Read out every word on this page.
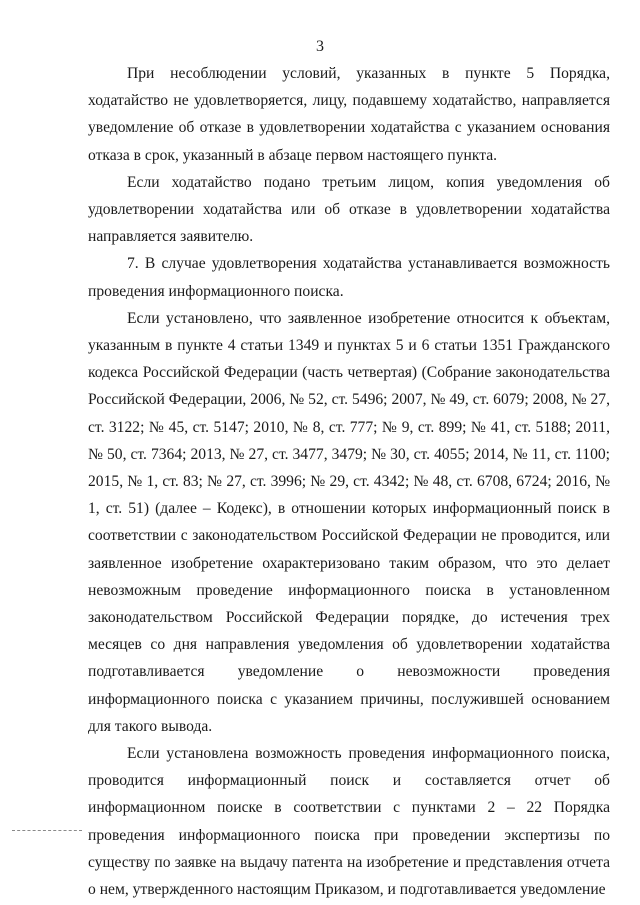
3

При несоблюдении условий, указанных в пункте 5 Порядка, ходатайство не удовлетворяется, лицу, подавшему ходатайство, направляется уведомление об отказе в удовлетворении ходатайства с указанием основания отказа в срок, указанный в абзаце первом настоящего пункта.

Если ходатайство подано третьим лицом, копия уведомления об удовлетворении ходатайства или об отказе в удовлетворении ходатайства направляется заявителю.

7. В случае удовлетворения ходатайства устанавливается возможность проведения информационного поиска.

Если установлено, что заявленное изобретение относится к объектам, указанным в пункте 4 статьи 1349 и пунктах 5 и 6 статьи 1351 Гражданского кодекса Российской Федерации (часть четвертая) (Собрание законодательства Российской Федерации, 2006, № 52, ст. 5496; 2007, № 49, ст. 6079; 2008, № 27, ст. 3122; № 45, ст. 5147; 2010, № 8, ст. 777; № 9, ст. 899; № 41, ст. 5188; 2011, № 50, ст. 7364; 2013, № 27, ст. 3477, 3479; № 30, ст. 4055; 2014, № 11, ст. 1100; 2015, № 1, ст. 83; № 27, ст. 3996; № 29, ст. 4342; № 48, ст. 6708, 6724; 2016, № 1, ст. 51) (далее – Кодекс), в отношении которых информационный поиск в соответствии с законодательством Российской Федерации не проводится, или заявленное изобретение охарактеризовано таким образом, что это делает невозможным проведение информационного поиска в установленном законодательством Российской Федерации порядке, до истечения трех месяцев со дня направления уведомления об удовлетворении ходатайства подготавливается уведомление о невозможности проведения информационного поиска с указанием причины, послужившей основанием для такого вывода.

Если установлена возможность проведения информационного поиска, проводится информационный поиск и составляется отчет об информационном поиске в соответствии с пунктами 2 – 22 Порядка проведения информационного поиска при проведении экспертизы по существу по заявке на выдачу патента на изобретение и представления отчета о нем, утвержденного настоящим Приказом, и подготавливается уведомление
